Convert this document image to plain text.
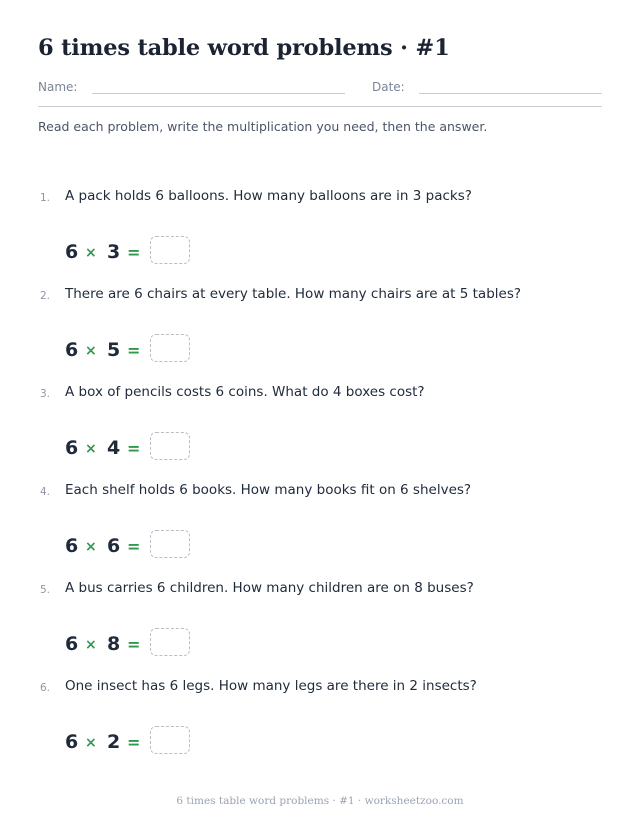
6 times table word problems · #1
Name:	Date:
Read each problem, write the multiplication you need, then the answer.
1. A pack holds 6 balloons. How many balloons are in 3 packs?
6 × 3 =
2. There are 6 chairs at every table. How many chairs are at 5 tables?
6 × 5 =
3. A box of pencils costs 6 coins. What do 4 boxes cost?
6 × 4 =
4. Each shelf holds 6 books. How many books fit on 6 shelves?
6 × 6 =
5. A bus carries 6 children. How many children are on 8 buses?
6 × 8 =
6. One insect has 6 legs. How many legs are there in 2 insects?
6 × 2 =
6 times table word problems · #1 · worksheetzoo.com
